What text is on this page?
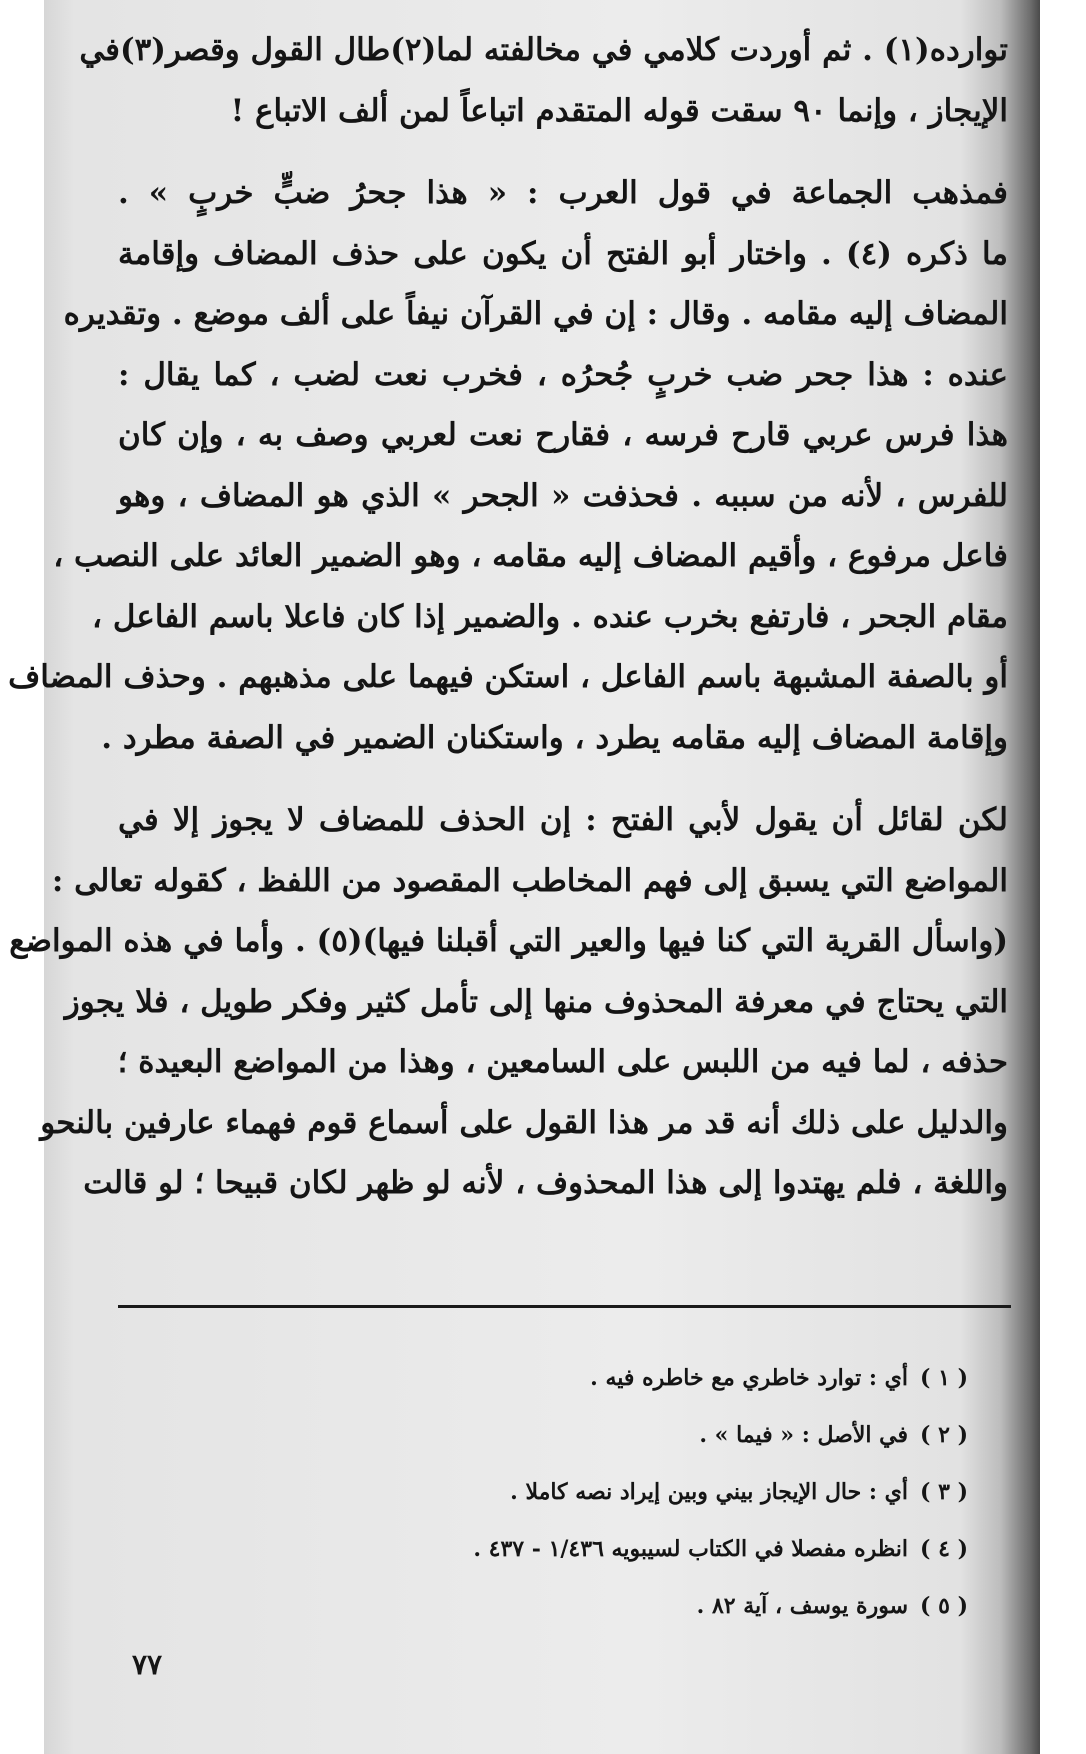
توارده(١) . ثم أوردت كلامي في مخالفته لما(٢)طال القول وقصر(٣)في

الإيجاز ، وإنما ٩٠ سقت قوله المتقدم اتباعاً لمن ألف الاتباع !

فمذهب الجماعة في قول العرب : « هذا جحرُ ضبٍّ خربٍ » .

ما ذكره (٤) . واختار أبو الفتح أن يكون على حذف المضاف وإقامة

المضاف إليه مقامه . وقال : إن في القرآن نيفاً على ألف موضع . وتقديره

عنده : هذا جحر ضب خربٍ جُحرُه ، فخرب نعت لضب ، كما يقال :

هذا فرس عربي قارح فرسه ، فقارح نعت لعربي وصف به ، وإن كان

للفرس ، لأنه من سببه . فحذفت « الجحر » الذي هو المضاف ، وهو

فاعل مرفوع ، وأقيم المضاف إليه مقامه ، وهو الضمير العائد على النصب ،

مقام الجحر ، فارتفع بخرب عنده . والضمير إذا كان فاعلا باسم الفاعل ،

أو بالصفة المشبهة باسم الفاعل ، استكن فيهما على مذهبهم . وحذف المضاف

وإقامة المضاف إليه مقامه يطرد ، واستكنان الضمير في الصفة مطرد .

لكن لقائل أن يقول لأبي الفتح : إن الحذف للمضاف لا يجوز إلا في

المواضع التي يسبق إلى فهم المخاطب المقصود من اللفظ ، كقوله تعالى :

(واسأل القرية التي كنا فيها والعير التي أقبلنا فيها)(٥) . وأما في هذه المواضع

التي يحتاج في معرفة المحذوف منها إلى تأمل كثير وفكر طويل ، فلا يجوز

حذفه ، لما فيه من اللبس على السامعين ، وهذا من المواضع البعيدة ؛

والدليل على ذلك أنه قد مر هذا القول على أسماع قوم فهماء عارفين بالنحو

واللغة ، فلم يهتدوا إلى هذا المحذوف ، لأنه لو ظهر لكان قبيحا ؛ لو قالت

( ١ )أي : توارد خاطري مع خاطره فيه .

( ٢ )في الأصل : « فيما » .

( ٣ )أي : حال الإيجاز بيني وبين إيراد نصه كاملا .

( ٤ )انظره مفصلا في الكتاب لسيبويه ١/٤٣٦ - ٤٣٧ .

( ٥ )سورة يوسف ، آية ٨٢ .

٧٧
